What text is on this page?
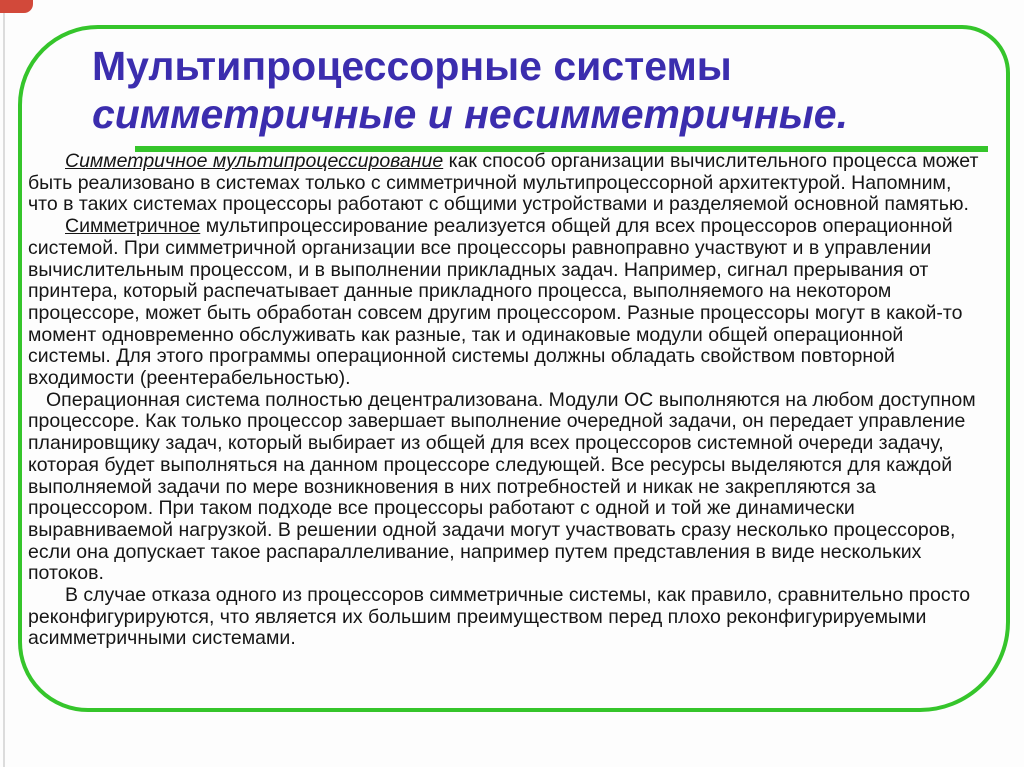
Мультипроцессорные системы
симметричные и несимметричные.

Симметричное мультипроцессирование как способ организации вычислительного процесса может быть реализовано в системах только с симметричной мультипроцессорной архитектурой. Напомним, что в таких системах процессоры работают с общими устройствами и разделяемой основной памятью.

Симметричное мультипроцессирование реализуется общей для всех процессоров операционной системой. При симметричной организации все процессоры равноправно участвуют и в управлении вычислительным процессом, и в выполнении прикладных задач. Например, сигнал прерывания от принтера, который распечатывает данные прикладного процесса, выполняемого на некотором процессоре, может быть обработан совсем другим процессором. Разные процессоры могут в какой-то момент одновременно обслуживать как разные, так и одинаковые модули общей операционной системы. Для этого программы операционной системы должны обладать свойством повторной входимости (реентерабельностью).

Операционная система полностью децентрализована. Модули ОС выполняются на любом доступном процессоре. Как только процессор завершает выполнение очередной задачи, он передает управление планировщику задач, который выбирает из общей для всех процессоров системной очереди задачу, которая будет выполняться на данном процессоре следующей. Все ресурсы выделяются для каждой выполняемой задачи по мере возникновения в них потребностей и никак не закрепляются за процессором. При таком подходе все процессоры работают с одной и той же динамически выравниваемой нагрузкой. В решении одной задачи могут участвовать сразу несколько процессоров, если она допускает такое распараллеливание, например путем представления в виде нескольких потоков.

В случае отказа одного из процессоров симметричные системы, как правило, сравнительно просто реконфигурируются, что является их большим преимуществом перед плохо реконфигурируемыми асимметричными системами.
